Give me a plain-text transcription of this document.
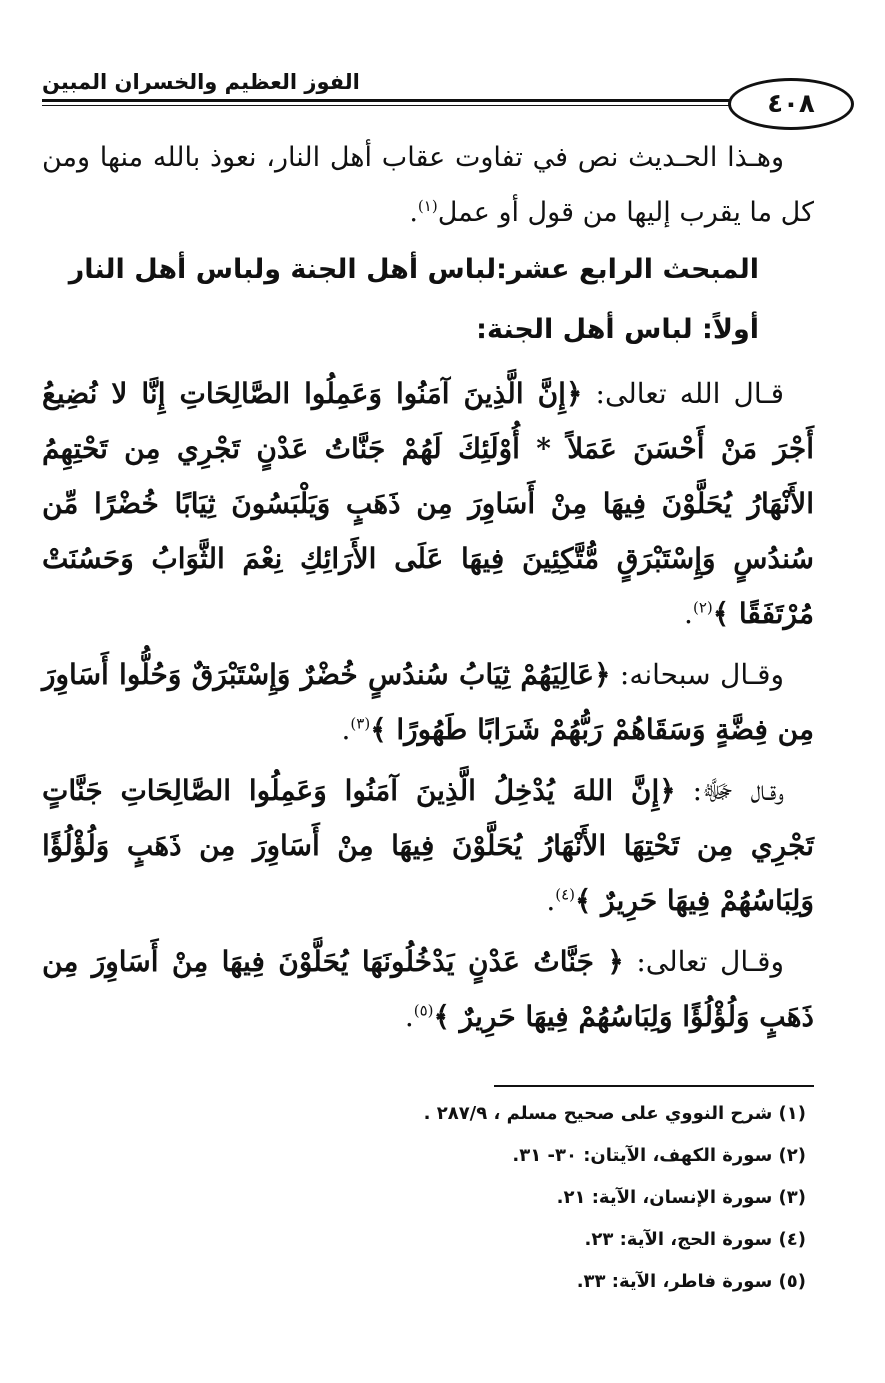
الفوز العظيم والخسران المبين
٤٠٨

وهـذا الحـديث نص في تفاوت عقاب أهل النار، نعوذ بالله منها ومن كل ما يقرب إليها من قول أو عمل$^{(١)}$.

المبحث الرابع عشر:لباس أهل الجنة ولباس أهل النار

أولاً: لباس أهل الجنة:

قـال الله تعالى: ﴿إِنَّ الَّذِينَ آمَنُوا وَعَمِلُوا الصَّالِحَاتِ إِنَّا لا نُضِيعُ أَجْرَ مَنْ أَحْسَنَ عَمَلاً * أُوْلَئِكَ لَهُمْ جَنَّاتُ عَدْنٍ تَجْرِي مِن تَحْتِهِمُ الأَنْهَارُ يُحَلَّوْنَ فِيهَا مِنْ أَسَاوِرَ مِن ذَهَبٍ وَيَلْبَسُونَ ثِيَابًا خُضْرًا مِّن سُندُسٍ وَإِسْتَبْرَقٍ مُّتَّكِئِينَ فِيهَا عَلَى الأَرَائِكِ نِعْمَ الثَّوَابُ وَحَسُنَتْ مُرْتَفَقًا ﴾$^{(٢)}$.

وقـال سبحانه: ﴿عَالِيَهُمْ ثِيَابُ سُندُسٍ خُضْرٌ وَإِسْتَبْرَقٌ وَحُلُّوا أَسَاوِرَ مِن فِضَّةٍ وَسَقَاهُمْ رَبُّهُمْ شَرَابًا طَهُورًا ﴾$^{(٣)}$.

وقـال ﷻ: ﴿إِنَّ اللهَ يُدْخِلُ الَّذِينَ آمَنُوا وَعَمِلُوا الصَّالِحَاتِ جَنَّاتٍ تَجْرِي مِن تَحْتِهَا الأَنْهَارُ يُحَلَّوْنَ فِيهَا مِنْ أَسَاوِرَ مِن ذَهَبٍ وَلُؤْلُؤًا وَلِبَاسُهُمْ فِيهَا حَرِيرٌ ﴾$^{(٤)}$.

وقـال تعالى: ﴿ جَنَّاتُ عَدْنٍ يَدْخُلُونَهَا يُحَلَّوْنَ فِيهَا مِنْ أَسَاوِرَ مِن ذَهَبٍ وَلُؤْلُؤًا وَلِبَاسُهُمْ فِيهَا حَرِيرٌ ﴾$^{(٥)}$.

(١) شرح النووي على صحيح مسلم ، ٢٨٧/٩ .

(٢) سورة الكهف، الآيتان: ٣٠- ٣١.

(٣) سورة الإنسان، الآية: ٢١.

(٤) سورة الحج، الآية: ٢٣.

(٥) سورة فاطر، الآية: ٣٣.
